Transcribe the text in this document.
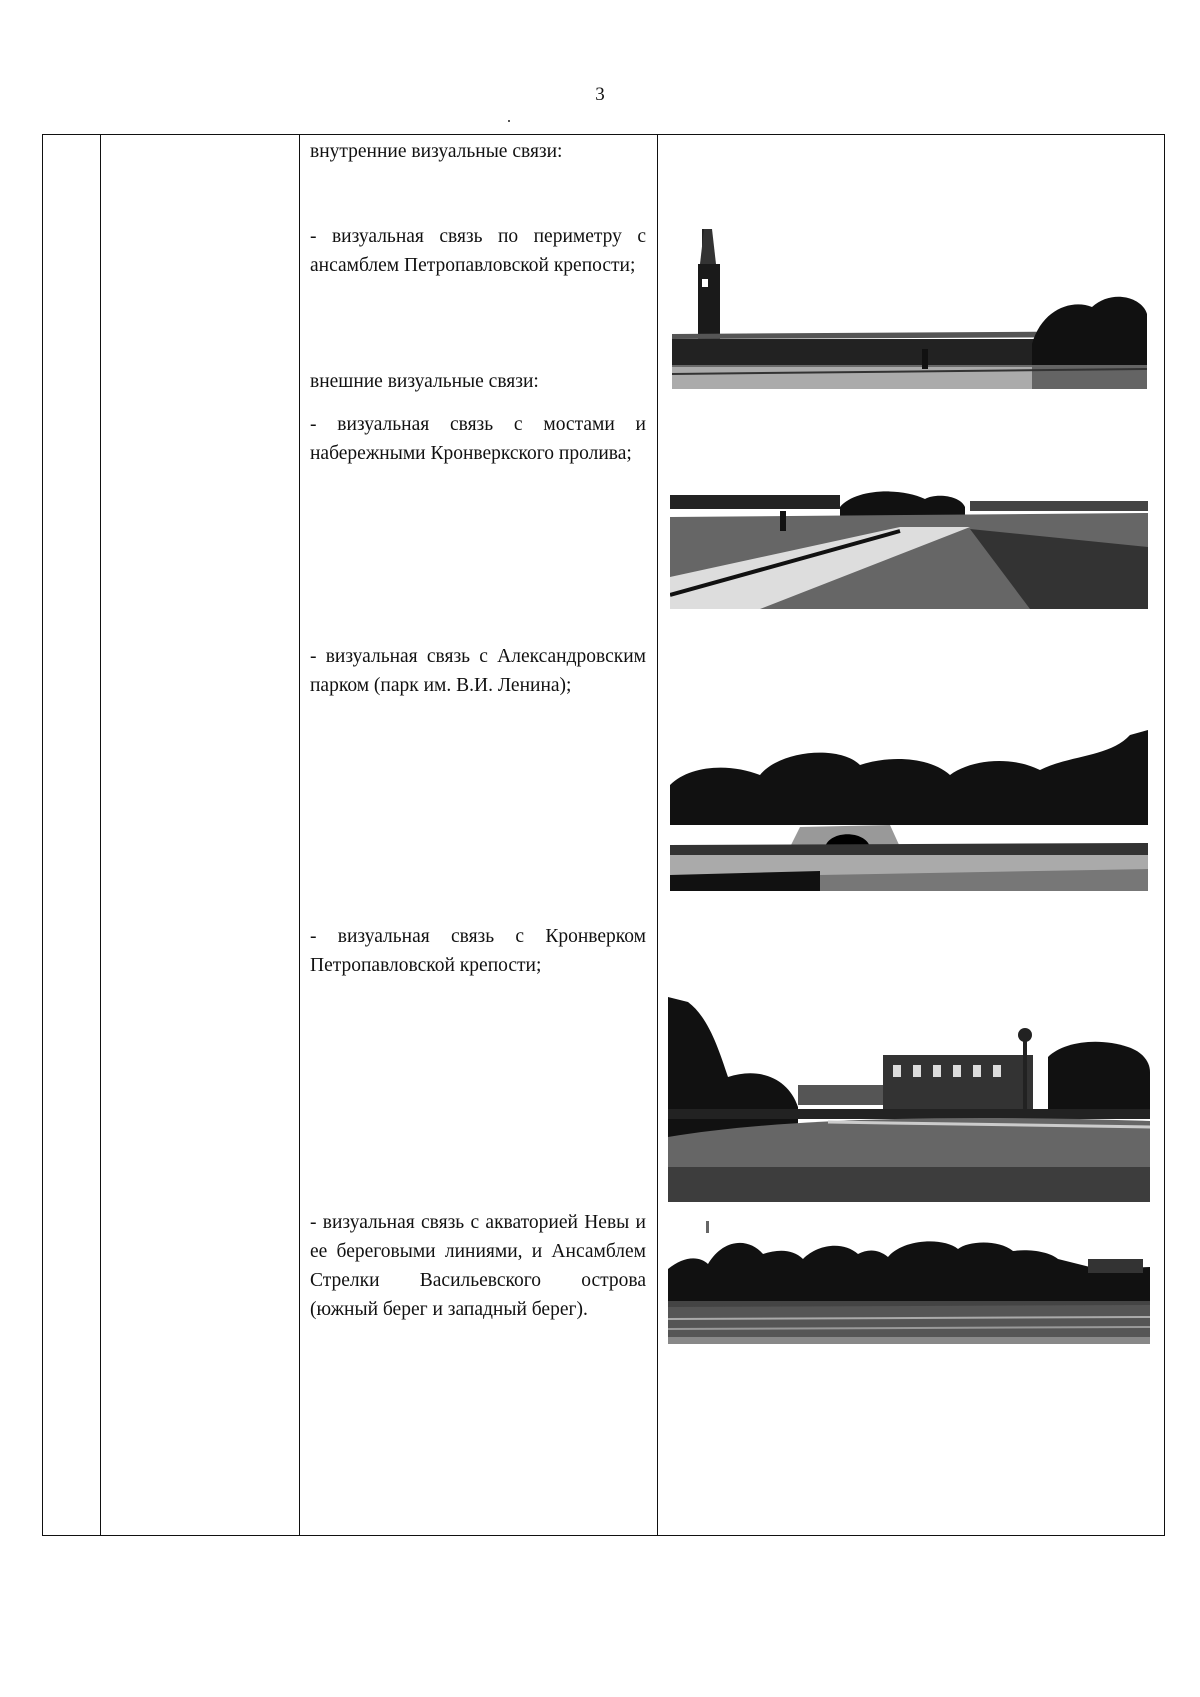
3

внутренние визуальные связи:
- визуальная связь по периметру с ансамблем Петропавловской крепости;
внешние визуальные связи:
- визуальная связь с мостами и набережными Кронверкского пролива;
- визуальная связь с Александровским парком (парк им. В.И. Ленина);
- визуальная связь с Кронверком Петропавловской крепости;
- визуальная связь с акваторией Невы и ее береговыми линиями, и Ансамблем Стрелки Васильевского острова (южный берег и западный берег).
